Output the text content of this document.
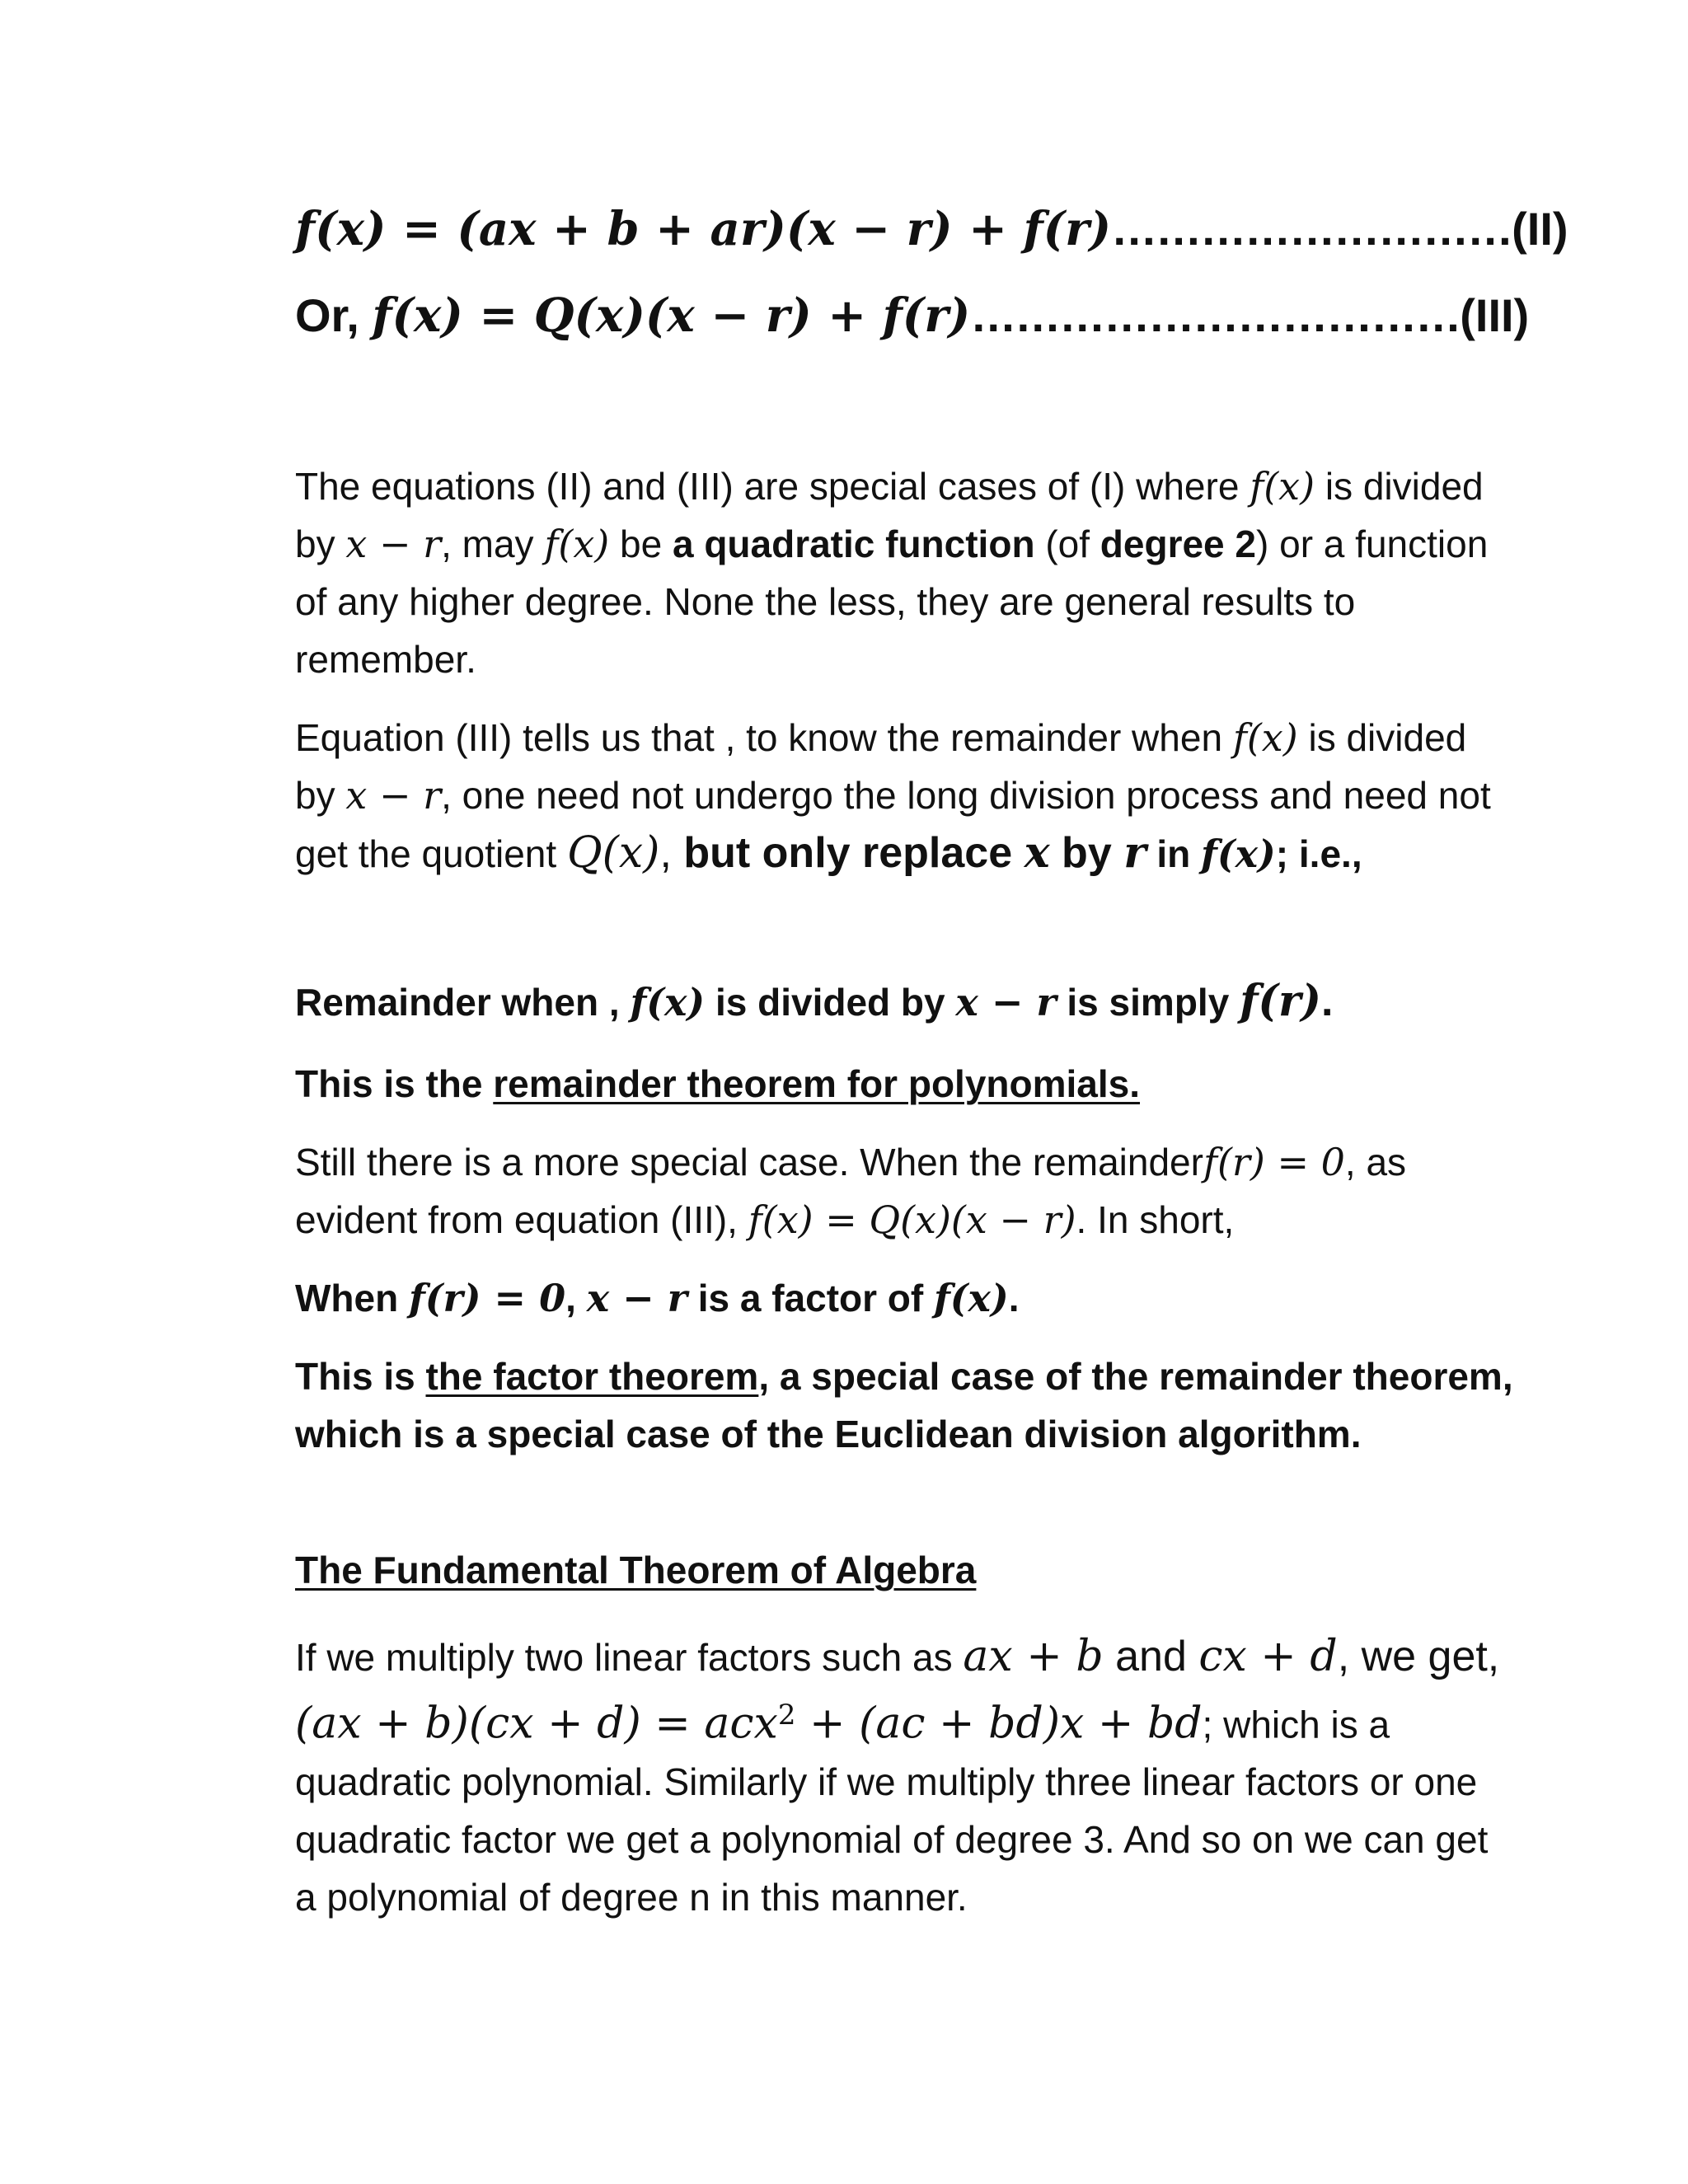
f(x) = (ax + b + ar)(x − r) + f(r)………………………(II)
Or, f(x) = Q(x)(x − r) + f(r)……………………………(III)

The equations (II) and (III) are special cases of (I) where f(x) is divided by x − r, may f(x) be a quadratic function (of degree 2) or a function of any higher degree. None the less, they are general results to remember.

Equation (III) tells us that , to know the remainder when f(x) is divided by x − r, one need not undergo the long division process and need not get the quotient Q(x), but only replace x by r in f(x); i.e.,

Remainder when , f(x) is divided by x − r is simply f(r).

This is the remainder theorem for polynomials.

Still there is a more special case. When the remainderf(r) = 0, as evident from equation (III), f(x) = Q(x)(x − r). In short,

When f(r) = 0, x − r is a factor of f(x).

This is the factor theorem, a special case of the remainder theorem, which is a special case of the Euclidean division algorithm.

The Fundamental Theorem of Algebra

If we multiply two linear factors such as ax + b and cx + d, we get, (ax + b)(cx + d) = acx$^2$ + (ac + bd)x + bd; which is a quadratic polynomial. Similarly if we multiply three linear factors or one quadratic factor we get a polynomial of degree 3. And so on we can get a polynomial of degree n in this manner.
